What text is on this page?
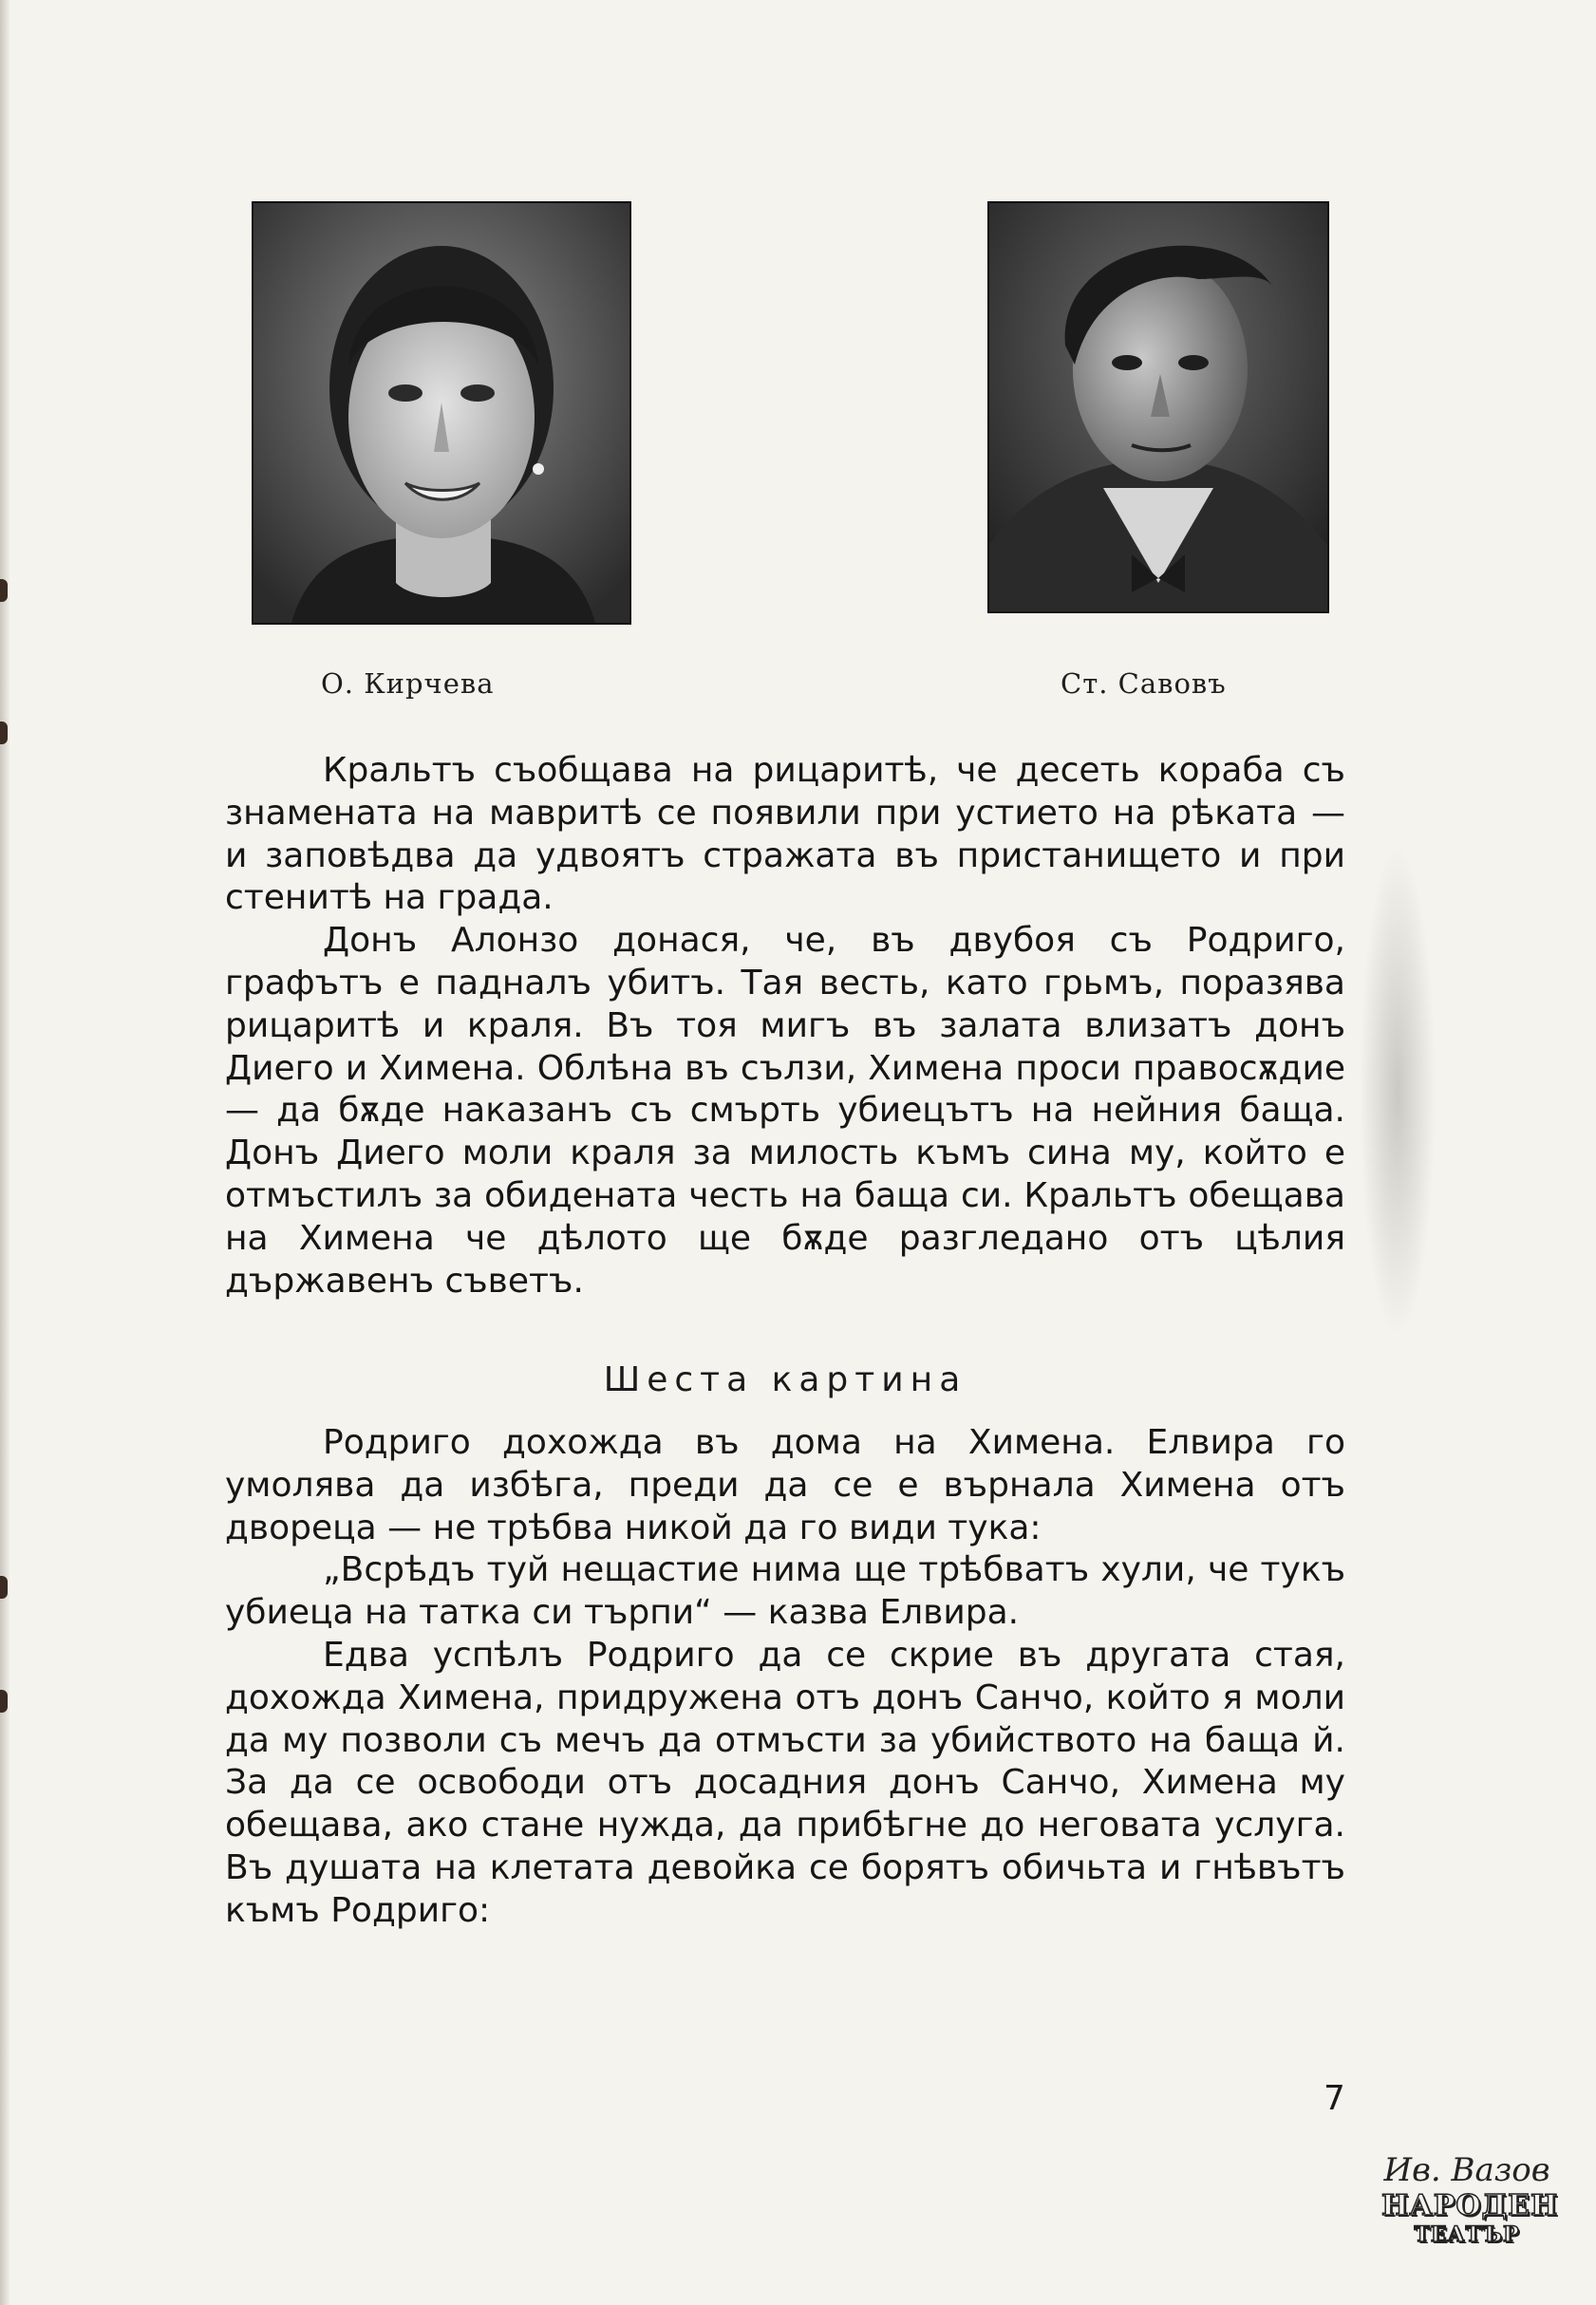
О. Кирчева	Ст. Савовъ

Кральтъ съобщава на рицаритѣ, че десеть кораба съ знамената на мавритѣ се появили при устието на рѣката — и заповѣдва да удвоятъ стражата въ пристанището и при стенитѣ на града.

Донъ Алонзо донася, че, въ двубоя съ Родриго, графътъ е падналъ убитъ. Тая весть, като грьмъ, поразява рицаритѣ и краля. Въ тоя мигъ въ залата влизатъ донъ Диего и Химена. Облѣна въ сълзи, Химена проси правосѫдие — да бѫде наказанъ съ смърть убиецътъ на нейния баща. Донъ Диего моли краля за милость къмъ сина му, който е отмъстилъ за обидената честь на баща си. Кральтъ обещава на Химена че дѣлото ще бѫде разгледано отъ цѣлия държавенъ съветъ.

Шеста картина

Родриго дохожда въ дома на Химена. Елвира го умолява да избѣга, преди да се е върнала Химена отъ двореца — не трѣбва никой да го види тука:

„Всрѣдъ туй нещастие нима ще трѣбватъ хули, че тукъ убиеца на татка си търпи“ — казва Елвира.

Едва успѣлъ Родриго да се скрие въ другата стая, дохожда Химена, придружена отъ донъ Санчо, който я моли да му позволи съ мечъ да отмъсти за убийството на баща й. За да се освободи отъ досадния донъ Санчо, Химена му обещава, ако стане нужда, да прибѣгне до неговата услуга. Въ душата на клетата девойка се борятъ обичьта и гнѣвътъ къмъ Родриго:

7
Ив. Вазов
НАРОДЕН
ТЕАТЪР
